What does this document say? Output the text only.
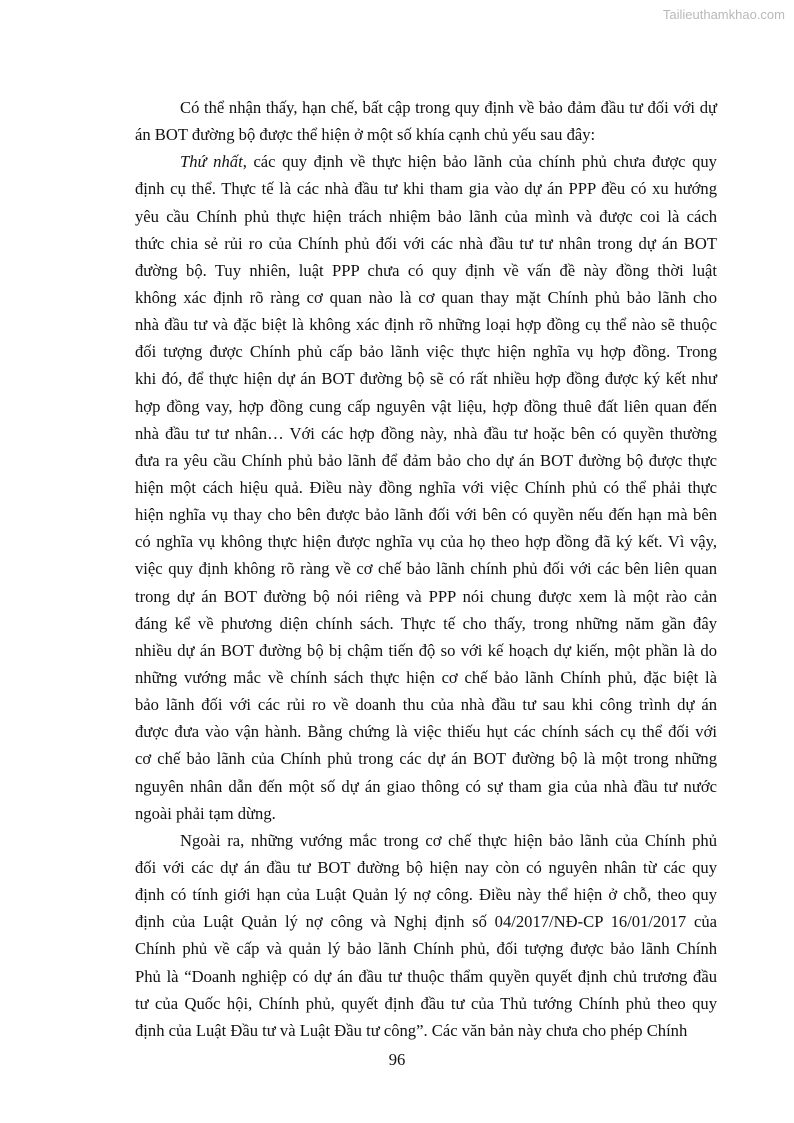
Tailieuthamkhao.com
Có thể nhận thấy, hạn chế, bất cập trong quy định về bảo đảm đầu tư đối với dự
án BOT đường bộ được thể hiện ở một số khía cạnh chủ yếu sau đây:
Thứ nhất, các quy định về thực hiện bảo lãnh của chính phủ chưa được quy
định cụ thể. Thực tế là các nhà đầu tư khi tham gia vào dự án PPP đều có xu hướng
yêu cầu Chính phủ thực hiện trách nhiệm bảo lãnh của mình và được coi là cách
thức chia sẻ rủi ro của Chính phủ đối với các nhà đầu tư tư nhân trong dự án BOT
đường bộ. Tuy nhiên, luật PPP chưa có quy định về vấn đề này đồng thời luật
không xác định rõ ràng cơ quan nào là cơ quan thay mặt Chính phủ bảo lãnh cho
nhà đầu tư và đặc biệt là không xác định rõ những loại hợp đồng cụ thể nào sẽ thuộc
đối tượng được Chính phủ cấp bảo lãnh việc thực hiện nghĩa vụ hợp đồng. Trong
khi đó, để thực hiện dự án BOT đường bộ sẽ có rất nhiều hợp đồng được ký kết như
hợp đồng vay, hợp đồng cung cấp nguyên vật liệu, hợp đồng thuê đất liên quan đến
nhà đầu tư tư nhân… Với các hợp đồng này, nhà đầu tư hoặc bên có quyền thường
đưa ra yêu cầu Chính phủ bảo lãnh để đảm bảo cho dự án BOT đường bộ được thực
hiện một cách hiệu quả. Điều này đồng nghĩa với việc Chính phủ có thể phải thực
hiện nghĩa vụ thay cho bên được bảo lãnh đối với bên có quyền nếu đến hạn mà bên
có nghĩa vụ không thực hiện được nghĩa vụ của họ theo hợp đồng đã ký kết. Vì vậy,
việc quy định không rõ ràng về cơ chế bảo lãnh chính phủ đối với các bên liên quan
trong dự án BOT đường bộ nói riêng và PPP nói chung được xem là một rào cản
đáng kể về phương diện chính sách. Thực tế cho thấy, trong những năm gần đây
nhiều dự án BOT đường bộ bị chậm tiến độ so với kế hoạch dự kiến, một phần là do
những vướng mắc về chính sách thực hiện cơ chế bảo lãnh Chính phủ, đặc biệt là
bảo lãnh đối với các rủi ro về doanh thu của nhà đầu tư sau khi công trình dự án
được đưa vào vận hành. Bằng chứng là việc thiếu hụt các chính sách cụ thể đối với
cơ chế bảo lãnh của Chính phủ trong các dự án BOT đường bộ là một trong những
nguyên nhân dẫn đến một số dự án giao thông có sự tham gia của nhà đầu tư nước
ngoài phải tạm dừng.
Ngoài ra, những vướng mắc trong cơ chế thực hiện bảo lãnh của Chính phủ
đối với các dự án đầu tư BOT đường bộ hiện nay còn có nguyên nhân từ các quy
định có tính giới hạn của Luật Quản lý nợ công. Điều này thể hiện ở chỗ, theo quy
định của Luật Quản lý nợ công và Nghị định số 04/2017/NĐ-CP 16/01/2017 của
Chính phủ về cấp và quản lý bảo lãnh Chính phủ, đối tượng được bảo lãnh Chính
Phủ là “Doanh nghiệp có dự án đầu tư thuộc thẩm quyền quyết định chủ trương đầu
tư của Quốc hội, Chính phủ, quyết định đầu tư của Thủ tướng Chính phủ theo quy
định của Luật Đầu tư và Luật Đầu tư công”. Các văn bản này chưa cho phép Chính
96
